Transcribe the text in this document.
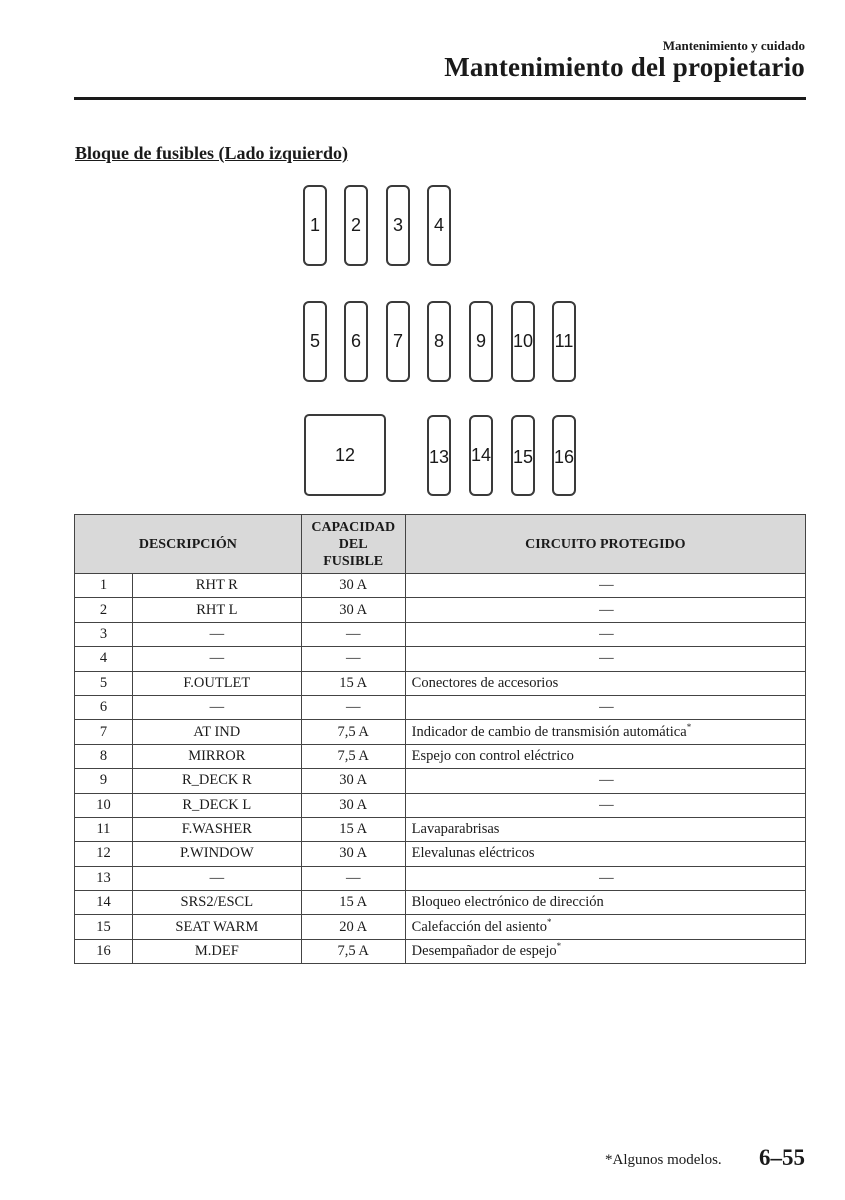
Mantenimiento y cuidado
Mantenimiento del propietario
Bloque de fusibles (Lado izquierdo)
1 2 3 4
5 6 7 8 9 10 11
12	13 14 15 16
DESCRIPCIÓN		CAPACIDAD
DEL
FUSIBLE	CIRCUITO PROTEGIDO
1	RHT R	30 A	—
2	RHT L	30 A	—
3	—	—	—
4	—	—	—
5	F.OUTLET	15 A	Conectores de accesorios
6	—	—	—
7	AT IND	7,5 A	Indicador de cambio de transmisión automática*
8	MIRROR	7,5 A	Espejo con control eléctrico
9	R_DECK R	30 A	—
10	R_DECK L	30 A	—
11	F.WASHER	15 A	Lavaparabrisas
12	P.WINDOW	30 A	Elevalunas eléctricos
13	—	—	—
14	SRS2/ESCL	15 A	Bloqueo electrónico de dirección
15	SEAT WARM	20 A	Calefacción del asiento*
16	M.DEF	7,5 A	Desempañador de espejo*
*Algunos modelos. 6–55
